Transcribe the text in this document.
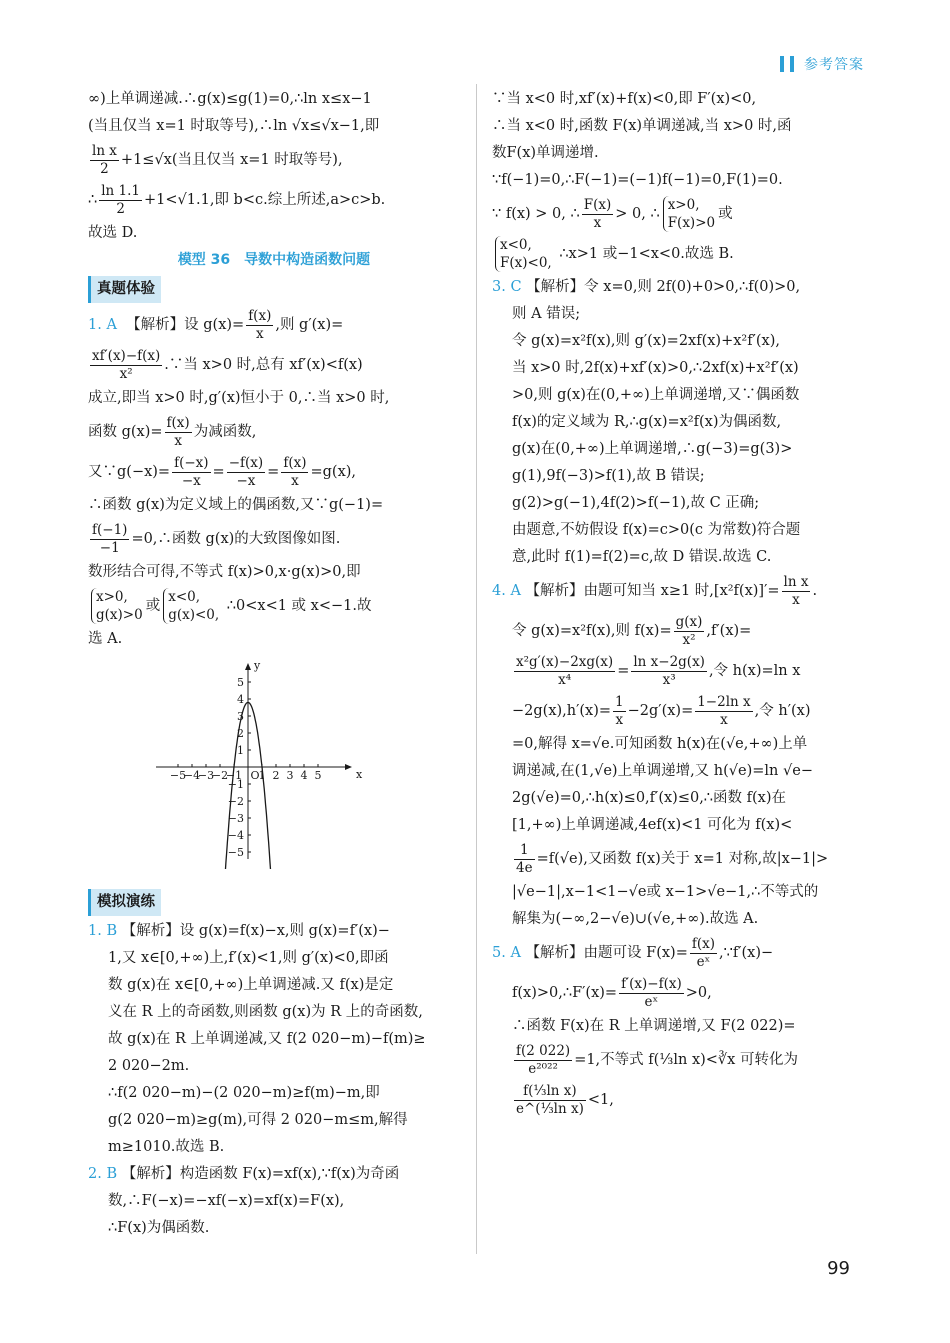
参考答案
∞)上单调递减.∴g(x)≤g(1)=0,∴ln x≤x−1
(当且仅当 x=1 时取等号),∴ln √x≤√x−1,即
$\frac{\text{ln x}}{2} +1\le√x$(当且仅当 x=1 时取等号),
∴ $\frac{\ln 1.1}{2} +1<√1.1$,即 b<c.综上所述,a>c>b.
故选 D.
模型 36　导数中构造函数问题
真题体验
1. A 【解析】设 $g(x)= \frac{f(x)}{x}$ ,则 g′(x)=
$\frac{xf'(x)-f(x)}{\text{x²}}$ .∵当 x>0 时,总有 xf′(x)<f(x)
成立,即当 x>0 时,g′(x)恒小于 0,∴当 x>0 时,
函数 $g(x)= \frac{f(x)}{x}$ 为减函数,
又∵g(−x)= $\frac{f(-x)}{-x} = \frac{-f(x)}{-x} = \frac{f(x)}{x} =g(x)$,
∴函数 g(x)为定义域上的偶函数,又∵g(−1)=
$\frac{f(-1)}{-1}$ =0,∴函数 g(x)的大致图像如图.
数形结合可得,不等式 f(x)>0,x·g(x)>0,即
x>0,
g(x)>0或x<0,
g(x)<0, ∴0<x<1 或 x<−1.故
选 A.
y
x
−5
−4
−3
−2
−1 O
1 2 3 4 5
1
2
3
4
5
−1
−2
−3
−4
−5
模拟演练
1. B 【解析】设 g(x)=f(x)−x,则 g(x)=f′(x)−
1,又 x∈[0,+∞)上,f′(x)<1,则 g′(x)<0,即函
数 g(x)在 x∈[0,+∞)上单调递减.又 f(x)是定
义在 R 上的奇函数,则函数 g(x)为 R 上的奇函数,
故 g(x)在 R 上单调递减,又 f(2 020−m)−f(m)≥
2 020−2m.
∴f(2 020−m)−(2 020−m)≥f(m)−m,即
g(2 020−m)≥g(m),可得 2 020−m≤m,解得
m≥1010.故选 B.
2. B 【解析】构造函数 F(x)=xf(x),∵f(x)为奇函
数,∴F(−x)=−xf(−x)=xf(x)=F(x),
∴F(x)为偶函数.
∵当 x<0 时,xf′(x)+f(x)<0,即 F′(x)<0,
∴当 x<0 时,函数 F(x)单调递减,当 x>0 时,函
数F(x)单调递增.
∵f(−1)=0,∴F(−1)=(−1)f(−1)=0,F(1)=0.
∵ f(x) > 0, ∴ $\frac{F(x)}{x} > 0$, ∴x>0,
F(x)>0或
x<0,
F(x)<0, ∴x>1 或−1<x<0.故选 B.
3. C 【解析】令 x=0,则 2f(0)+0>0,∴f(0)>0,
则 A 错误;
令 g(x)=x²f(x),则 g′(x)=2xf(x)+x²f′(x),
当 x>0 时,2f(x)+xf′(x)>0,∴2xf(x)+x²f′(x)
>0,则 g(x)在(0,+∞)上单调递增,又∵偶函数
f(x)的定义域为 R,∴g(x)=x²f(x)为偶函数,
g(x)在(0,+∞)上单调递增,∴g(−3)=g(3)>
g(1),9f(−3)>f(1),故 B 错误;
g(2)>g(−1),4f(2)>f(−1),故 C 正确;
由题意,不妨假设 f(x)=c>0(c 为常数)符合题
意,此时 f(1)=f(2)=c,故 D 错误.故选 C.
4. A 【解析】由题可知当 x≥1 时$,[x^2f(x)]'= \frac{\text{ln x}}{x}$ .
令 g(x)=x²f(x),则 $f(x)= \frac{g(x)}{\text{x²}} ,f'(x)=$
$\frac{\text{x²g′(x)−2xg(x)}}{\text{x⁴}} = \frac{\text{ln x−2g(x)}}{\text{x³}}$ ,令 h(x)=ln x
$-2g(x),h'(x)= \frac{1}{x} -2g'(x)= \frac{\text{1−2ln x}}{x}$ ,令 h′(x)
=0,解得 x=√e.可知函数 h(x)在(√e,+∞)上单
调递减,在(1,√e)上单调递增,又 h(√e)=ln √e−
2g(√e)=0,∴h(x)≤0,f′(x)≤0,∴函数 f(x)在
[1,+∞)上单调递减,4ef(x)<1 可化为 f(x)<
$\frac{1}{4e} =f(√e)$,又函数 f(x)关于 x=1 对称,故|x−1|>
|√e−1|,x−1<1−√e或 x−1>√e−1,∴不等式的
解集为(−∞,2−√e)∪(√e,+∞).故选 A.
5. A 【解析】由题可设 $F(x)= \frac{f(x)}{\text{eˣ}}$ ,∵f′(x)−
f(x)>0,∴F′(x)= $\frac{f'(x)-f(x)}{\text{eˣ}} >0$,
∴函数 F(x)在 R 上单调递增,又 F(2 022)=
$\frac{f(2 022)}{\text{e²⁰²²}} =1$,不等式 f(⅓ln x)<∛x 可转化为
$\frac{\text{f(⅓ln x)}}{\text{e\textasciicircum{}(⅓ln x)}} <1$,
99
